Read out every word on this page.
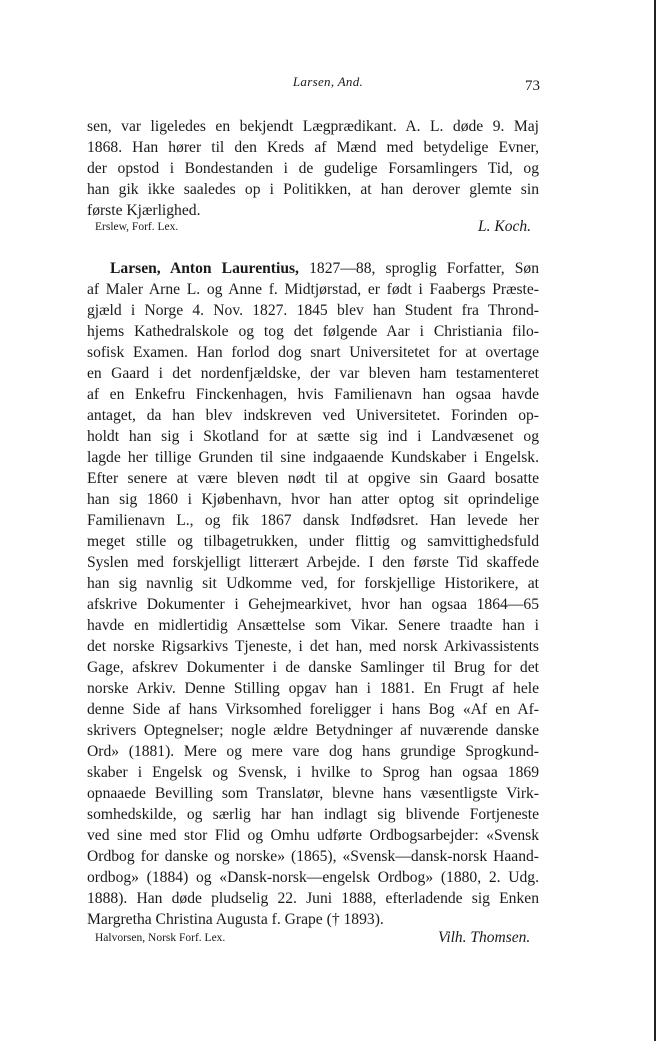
Larsen, And.	73
sen, var ligeledes en bekjendt Lægprædikant. A. L. døde 9. Maj
1868. Han hører til den Kreds af Mænd med betydelige Evner,
der opstod i Bondestanden i de gudelige Forsamlingers Tid, og
han gik ikke saaledes op i Politikken, at han derover glemte sin
første Kjærlighed.
Erslew, Forf. Lex.	L. Koch.
Larsen, Anton Laurentius, 1827—88, sproglig Forfatter, Søn
af Maler Arne L. og Anne f. Midtjørstad, er født i Faabergs Præste-
gjæld i Norge 4. Nov. 1827. 1845 blev han Student fra Thrond-
hjems Kathedralskole og tog det følgende Aar i Christiania filo-
sofisk Examen. Han forlod dog snart Universitetet for at overtage
en Gaard i det nordenfjældske, der var bleven ham testamenteret
af en Enkefru Finckenhagen, hvis Familienavn han ogsaa havde
antaget, da han blev indskreven ved Universitetet. Forinden op-
holdt han sig i Skotland for at sætte sig ind i Landvæsenet og
lagde her tillige Grunden til sine indgaaende Kundskaber i Engelsk.
Efter senere at være bleven nødt til at opgive sin Gaard bosatte
han sig 1860 i Kjøbenhavn, hvor han atter optog sit oprindelige
Familienavn L., og fik 1867 dansk Indfødsret. Han levede her
meget stille og tilbagetrukken, under flittig og samvittighedsfuld
Syslen med forskjelligt litterært Arbejde. I den første Tid skaffede
han sig navnlig sit Udkomme ved, for forskjellige Historikere, at
afskrive Dokumenter i Gehejmearkivet, hvor han ogsaa 1864—65
havde en midlertidig Ansættelse som Vikar. Senere traadte han i
det norske Rigsarkivs Tjeneste, i det han, med norsk Arkivassistents
Gage, afskrev Dokumenter i de danske Samlinger til Brug for det
norske Arkiv. Denne Stilling opgav han i 1881. En Frugt af hele
denne Side af hans Virksomhed foreligger i hans Bog «Af en Af-
skrivers Optegnelser; nogle ældre Betydninger af nuværende danske
Ord» (1881). Mere og mere vare dog hans grundige Sprogkund-
skaber i Engelsk og Svensk, i hvilke to Sprog han ogsaa 1869
opnaaede Bevilling som Translatør, blevne hans væsentligste Virk-
somhedskilde, og særlig har han indlagt sig blivende Fortjeneste
ved sine med stor Flid og Omhu udførte Ordbogsarbejder: «Svensk
Ordbog for danske og norske» (1865), «Svensk—dansk-norsk Haand-
ordbog» (1884) og «Dansk-norsk—engelsk Ordbog» (1880, 2. Udg.
1888). Han døde pludselig 22. Juni 1888, efterladende sig Enken
Margretha Christina Augusta f. Grape († 1893).
Halvorsen, Norsk Forf. Lex.	Vilh. Thomsen.
